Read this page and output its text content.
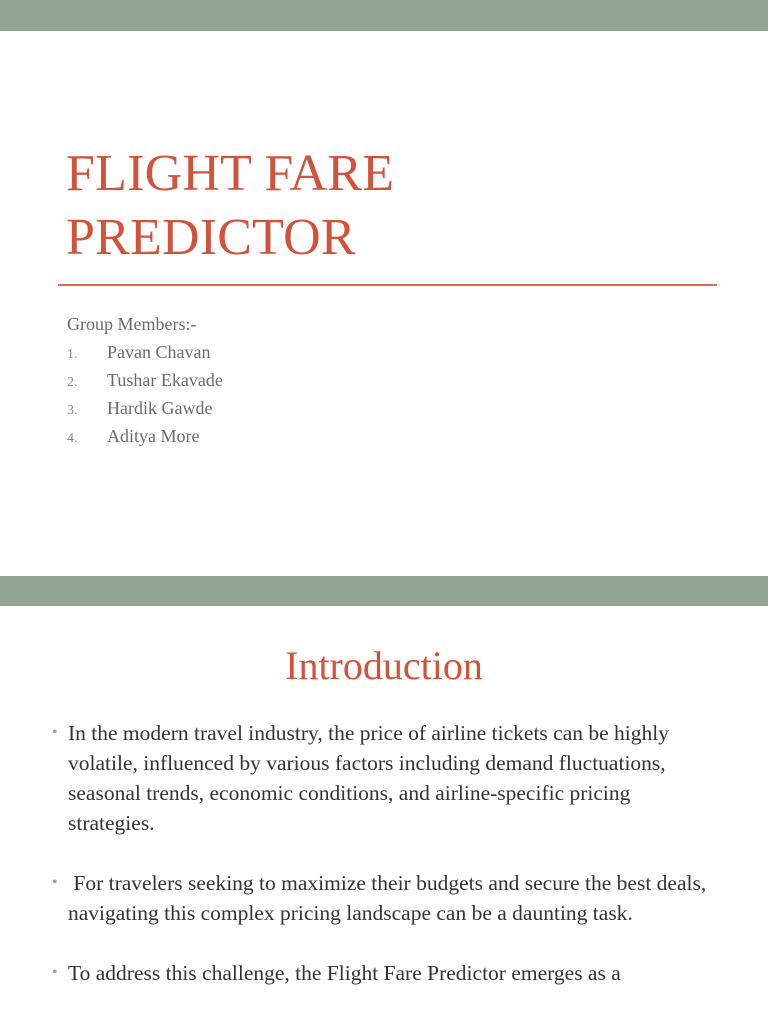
FLIGHT FARE
PREDICTOR

Group Members:-

1.	Pavan Chavan
2.	Tushar Ekavade
3.	Hardik Gawde
4.	Aditya More
Introduction
• In the modern travel industry, the price of airline tickets can be highly volatile, influenced by various factors including demand fluctuations, seasonal trends, economic conditions, and airline-specific pricing strategies.
• For travelers seeking to maximize their budgets and secure the best deals, navigating this complex pricing landscape can be a daunting task.
• To address this challenge, the Flight Fare Predictor emerges as a
